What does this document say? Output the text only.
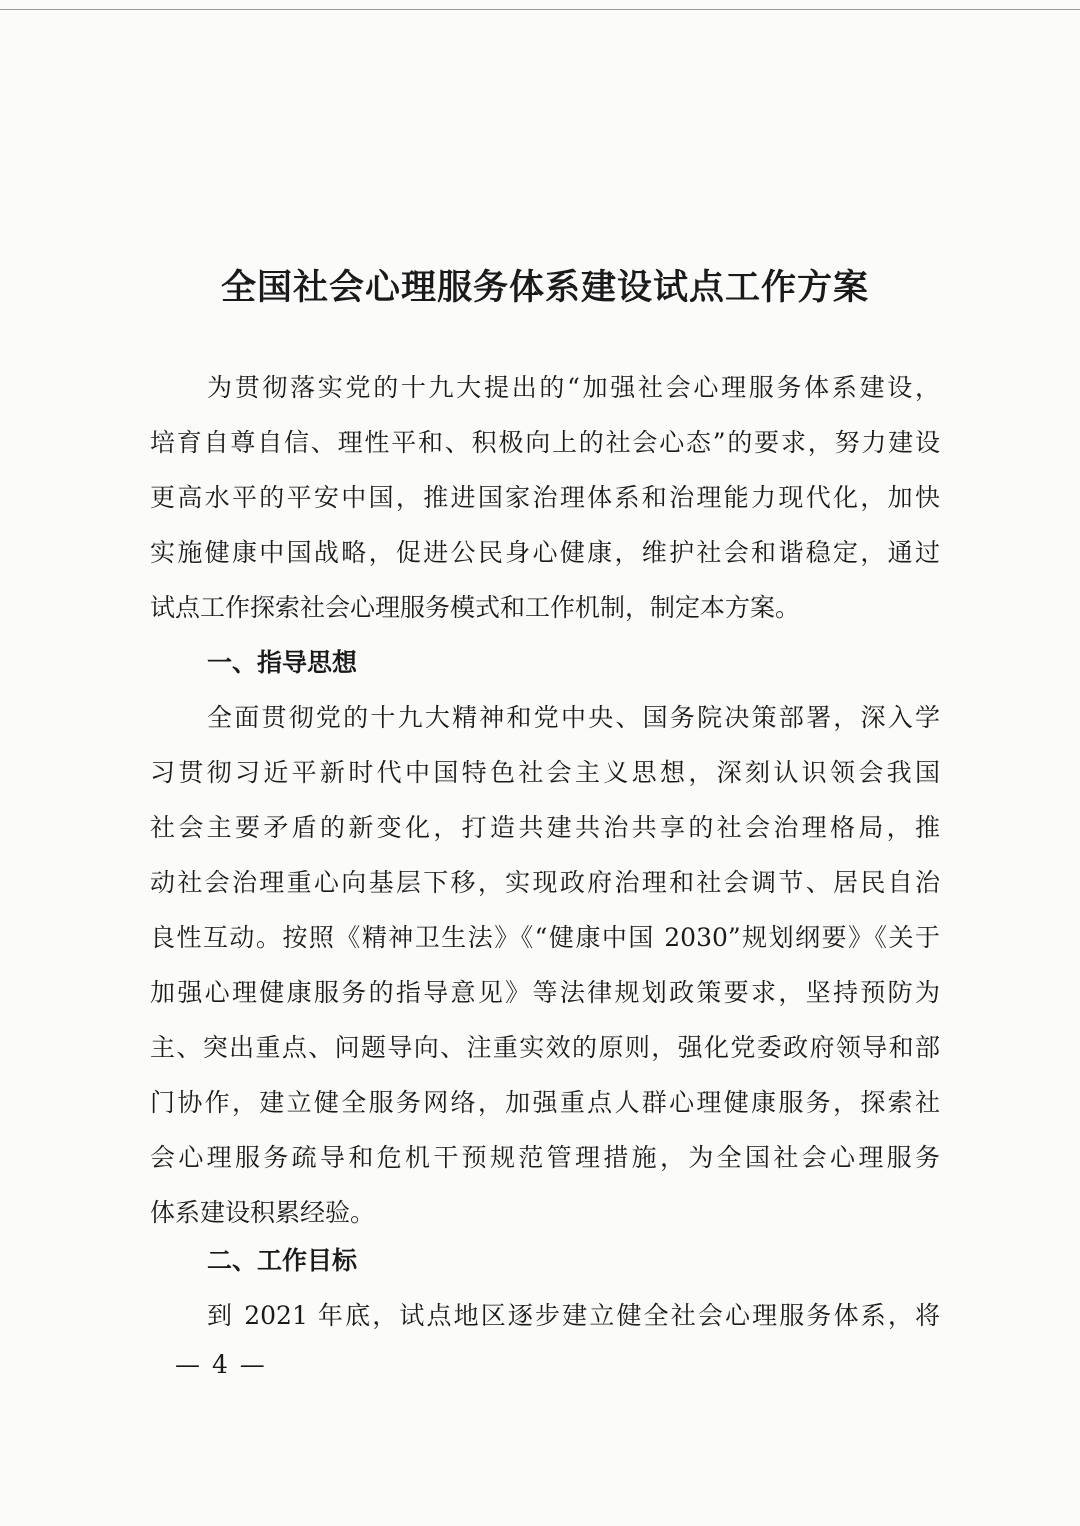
全国社会心理服务体系建设试点工作方案
为贯彻落实党的十九大提出的“加强社会心理服务体系建设，
培育自尊自信、理性平和、积极向上的社会心态”的要求，努力建设
更高水平的平安中国，推进国家治理体系和治理能力现代化，加快
实施健康中国战略，促进公民身心健康，维护社会和谐稳定，通过
试点工作探索社会心理服务模式和工作机制，制定本方案。
一、指导思想
全面贯彻党的十九大精神和党中央、国务院决策部署，深入学
习贯彻习近平新时代中国特色社会主义思想，深刻认识领会我国
社会主要矛盾的新变化，打造共建共治共享的社会治理格局，推
动社会治理重心向基层下移，实现政府治理和社会调节、居民自治
良性互动。按照《精神卫生法》《“健康中国 2030”规划纲要》《关于
加强心理健康服务的指导意见》等法律规划政策要求，坚持预防为
主、突出重点、问题导向、注重实效的原则，强化党委政府领导和部
门协作，建立健全服务网络，加强重点人群心理健康服务，探索社
会心理服务疏导和危机干预规范管理措施，为全国社会心理服务
体系建设积累经验。
二、工作目标
到 2021 年底，试点地区逐步建立健全社会心理服务体系，将
— 4 —
